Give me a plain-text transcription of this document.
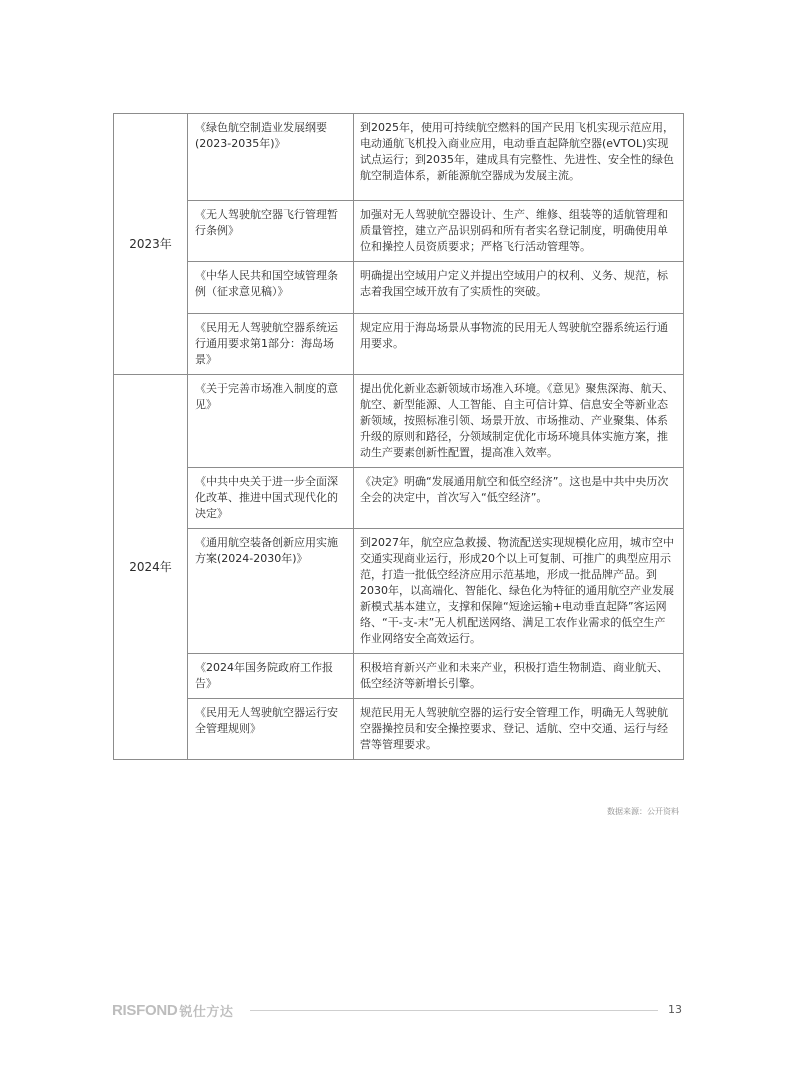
2023年	《绿色航空制造业发展纲要(2023-2035年)》	到2025年，使用可持续航空燃料的国产民用飞机实现示范应用，电动通航飞机投入商业应用，电动垂直起降航空器(eVTOL)实现试点运行；到2035年，建成具有完整性、先进性、安全性的绿色航空制造体系，新能源航空器成为发展主流。
	《无人驾驶航空器飞行管理暂行条例》	加强对无人驾驶航空器设计、生产、维修、组装等的适航管理和质量管控，建立产品识别码和所有者实名登记制度，明确使用单位和操控人员资质要求；严格飞行活动管理等。
	《中华人民共和国空域管理条例（征求意见稿）》	明确提出空域用户定义并提出空域用户的权利、义务、规范，标志着我国空域开放有了实质性的突破。
	《民用无人驾驶航空器系统运行通用要求第1部分：海岛场景》	规定应用于海岛场景从事物流的民用无人驾驶航空器系统运行通用要求。
2024年	《关于完善市场准入制度的意见》	提出优化新业态新领域市场准入环境。《意见》聚焦深海、航天、航空、新型能源、人工智能、自主可信计算、信息安全等新业态新领域，按照标准引领、场景开放、市场推动、产业聚集、体系升级的原则和路径，分领域制定优化市场环境具体实施方案，推动生产要素创新性配置，提高准入效率。
	《中共中央关于进一步全面深化改革、推进中国式现代化的决定》	《决定》明确“发展通用航空和低空经济”。这也是中共中央历次全会的决定中，首次写入“低空经济”。
	《通用航空装备创新应用实施方案(2024-2030年)》	到2027年，航空应急救援、物流配送实现规模化应用，城市空中交通实现商业运行，形成20个以上可复制、可推广的典型应用示范，打造一批低空经济应用示范基地，形成一批品牌产品。到2030年，以高端化、智能化、绿色化为特征的通用航空产业发展新模式基本建立，支撑和保障“短途运输+电动垂直起降”客运网络、“干-支-末”无人机配送网络、满足工农作业需求的低空生产作业网络安全高效运行。
	《2024年国务院政府工作报告》	积极培育新兴产业和未来产业，积极打造生物制造、商业航天、低空经济等新增长引擎。
	《民用无人驾驶航空器运行安全管理规则》	规范民用无人驾驶航空器的运行安全管理工作，明确无人驾驶航空器操控员和安全操控要求、登记、适航、空中交通、运行与经营等管理要求。
数据来源：公开资料
RISFOND 锐仕方达	13
